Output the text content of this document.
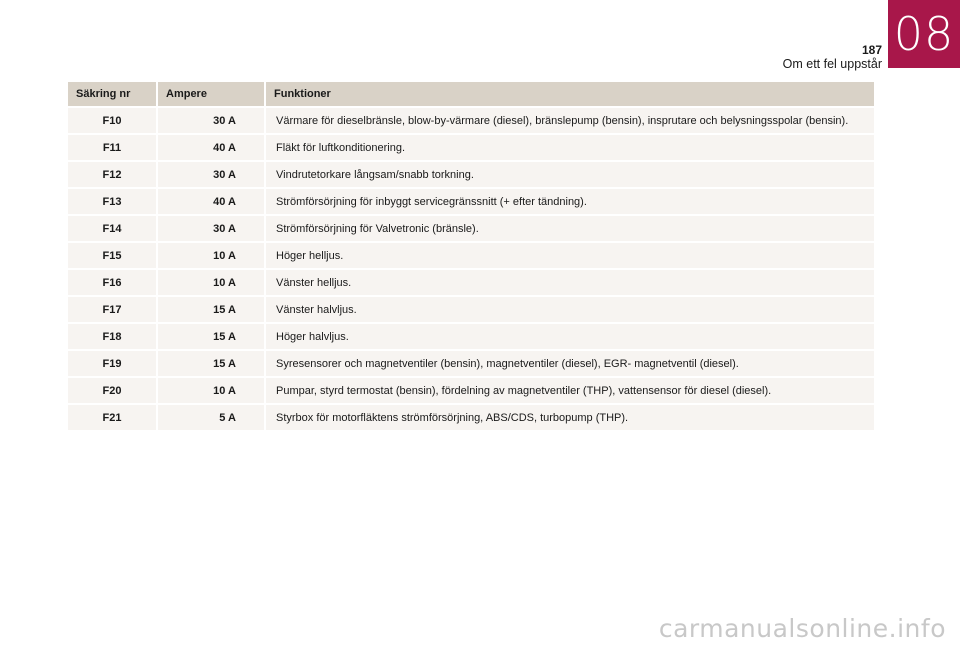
08
187
Om ett fel uppstår
Säkring nr	Ampere	Funktioner
F10	30 A	Värmare för dieselbränsle, blow-by-värmare (diesel), bränslepump (bensin), insprutare och belysningsspolar (bensin).
F11	40 A	Fläkt för luftkonditionering.
F12	30 A	Vindrutetorkare långsam/snabb torkning.
F13	40 A	Strömförsörjning för inbyggt servicegränssnitt (+ efter tändning).
F14	30 A	Strömförsörjning för Valvetronic (bränsle).
F15	10 A	Höger helljus.
F16	10 A	Vänster helljus.
F17	15 A	Vänster halvljus.
F18	15 A	Höger halvljus.
F19	15 A	Syresensorer och magnetventiler (bensin), magnetventiler (diesel), EGR- magnetventil (diesel).
F20	10 A	Pumpar, styrd termostat (bensin), fördelning av magnetventiler (THP), vattensensor för diesel (diesel).
F21	5 A	Styrbox för motorfläktens strömförsörjning, ABS/CDS, turbopump (THP).
carmanualsonline.info
